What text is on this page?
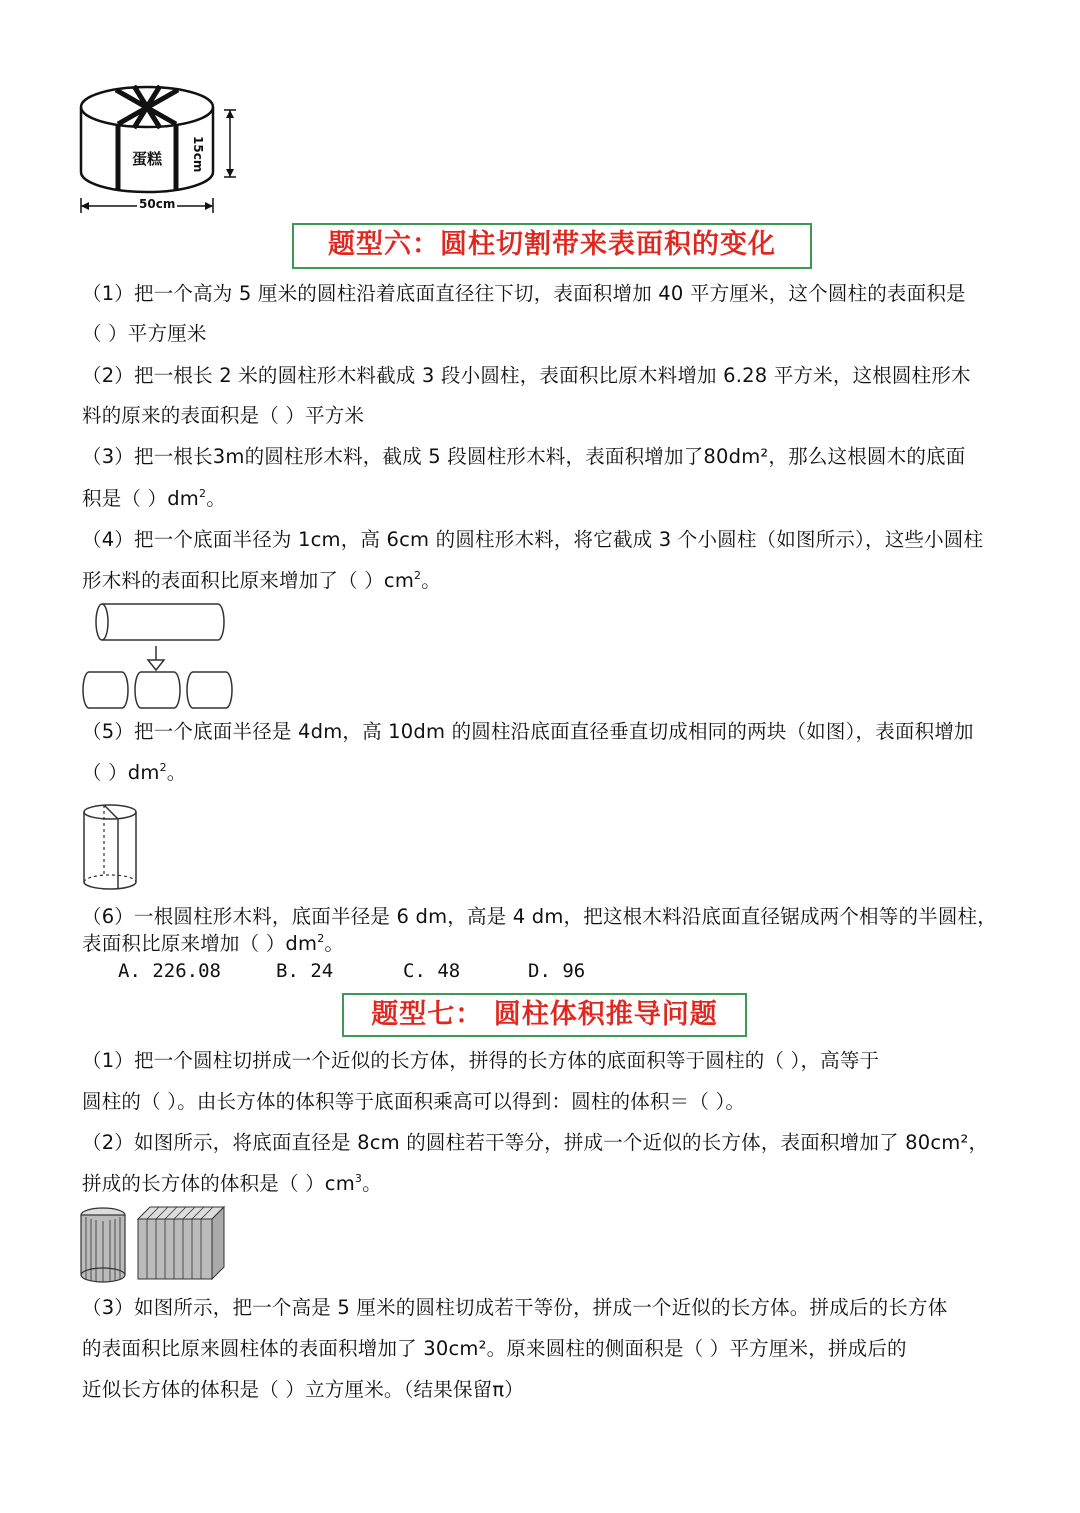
蛋糕 15cm
50cm
题型六：圆柱切割带来表面积的变化
（1）把一个高为 5 厘米的圆柱沿着底面直径往下切，表面积增加 40 平方厘米，这个圆柱的表面积是
（ ）平方厘米
（2）把一根长 2 米的圆柱形木料截成 3 段小圆柱，表面积比原木料增加 6.28 平方米，这根圆柱形木
料的原来的表面积是（ ）平方米
（3）把一根长3m的圆柱形木料，截成 5 段圆柱形木料，表面积增加了80dm²，那么这根圆木的底面
积是（ ）$dm^2$。
（4）把一个底面半径为 1cm，高 6cm 的圆柱形木料，将它截成 3 个小圆柱（如图所示），这些小圆柱
形木料的表面积比原来增加了（ ）$cm^2$。
（5）把一个底面半径是 4dm，高 10dm 的圆柱沿底面直径垂直切成相同的两块（如图），表面积增加
（ ）$dm^2$。
（6）一根圆柱形木料，底面半径是 6 dm，高是 4 dm，把这根木料沿底面直径锯成两个相等的半圆柱，
表面积比原来增加（ ）$dm^2$。
A. 226.08	B. 24	C. 48	D. 96
题型七： 圆柱体积推导问题
（1）把一个圆柱切拼成一个近似的长方体，拼得的长方体的底面积等于圆柱的（ ），高等于
圆柱的（ ）。由长方体的体积等于底面积乘高可以得到：圆柱的体积＝（ ）。
（2）如图所示，将底面直径是 8cm 的圆柱若干等分，拼成一个近似的长方体，表面积增加了 80cm²，
拼成的长方体的体积是（ ）$cm^3$。
（3）如图所示，把一个高是 5 厘米的圆柱切成若干等份，拼成一个近似的长方体。拼成后的长方体
的表面积比原来圆柱体的表面积增加了 30cm²。原来圆柱的侧面积是（ ）平方厘米，拼成后的
近似长方体的体积是（ ）立方厘米。（结果保留π）
